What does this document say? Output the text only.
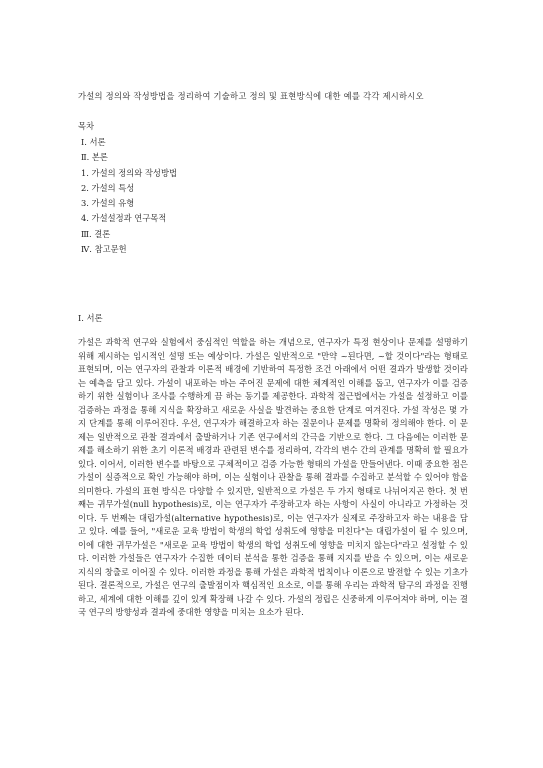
가설의 정의와 작성방법을 정리하여 기술하고 정의 및 표현방식에 대한 예를 각각 제시하시오
목차
Ⅰ. 서론
Ⅱ. 본론
1. 가설의 정의와 작성방법
2. 가설의 특성
3. 가설의 유형
4. 가설설정과 연구목적
Ⅲ. 결론
Ⅳ. 참고문헌
Ⅰ. 서론

가설은 과학적 연구와 실험에서 중심적인 역할을 하는 개념으로, 연구자가 특정 현상이나 문제를 설명하기 위해 제시하는 임시적인 설명 또는 예상이다. 가설은 일반적으로 "만약 ~된다면, ~할 것이다"라는 형태로 표현되며, 이는 연구자의 관찰과 이론적 배경에 기반하여 특정한 조건 아래에서 어떤 결과가 발생할 것이라는 예측을 담고 있다. 가설이 내포하는 바는 주어진 문제에 대한 체계적인 이해를 돕고, 연구자가 이를 검증하기 위한 실험이나 조사를 수행하게 끔 하는 동기를 제공한다. 과학적 접근법에서는 가설을 설정하고 이를 검증하는 과정을 통해 지식을 확장하고 새로운 사실을 발견하는 중요한 단계로 여겨진다. 가설 작성은 몇 가지 단계를 통해 이루어진다. 우선, 연구자가 해결하고자 하는 질문이나 문제를 명확히 정의해야 한다. 이 문제는 일반적으로 관찰 결과에서 출발하거나 기존 연구에서의 간극을 기반으로 한다. 그 다음에는 이러한 문제를 해소하기 위한 초기 이론적 배경과 관련된 변수를 정리하여, 각각의 변수 간의 관계를 명확히 할 필요가 있다. 이어서, 이러한 변수를 바탕으로 구체적이고 검증 가능한 형태의 가설을 만들어낸다. 이때 중요한 점은 가설이 실증적으로 확인 가능해야 하며, 이는 실험이나 관찰을 통해 결과를 수집하고 분석할 수 있어야 함을 의미한다. 가설의 표현 방식은 다양할 수 있지만, 일반적으로 가설은 두 가지 형태로 나뉘어지곤 한다. 첫 번째는 귀무가설(null hypothesis)로, 이는 연구자가 주장하고자 하는 사항이 사실이 아니라고 가정하는 것이다. 두 번째는 대립가설(alternative hypothesis)로, 이는 연구자가 실제로 주장하고자 하는 내용을 담고 있다. 예를 들어, "새로운 교육 방법이 학생의 학업 성취도에 영향을 미친다"는 대립가설이 될 수 있으며, 이에 대한 귀무가설은 "새로운 교육 방법이 학생의 학업 성취도에 영향을 미치지 않는다"라고 설정할 수 있다. 이러한 가설들은 연구자가 수집한 데이터 분석을 통한 검증을 통해 지지를 받을 수 있으며, 이는 새로운 지식의 창출로 이어질 수 있다. 이러한 과정을 통해 가설은 과학적 법칙이나 이론으로 발전할 수 있는 기초가 된다. 결론적으로, 가설은 연구의 출발점이자 핵심적인 요소로, 이를 통해 우리는 과학적 탐구의 과정을 진행하고, 세계에 대한 이해를 깊이 있게 확장해 나갈 수 있다. 가설의 정립은 신중하게 이루어져야 하며, 이는 결국 연구의 방향성과 결과에 중대한 영향을 미치는 요소가 된다.
